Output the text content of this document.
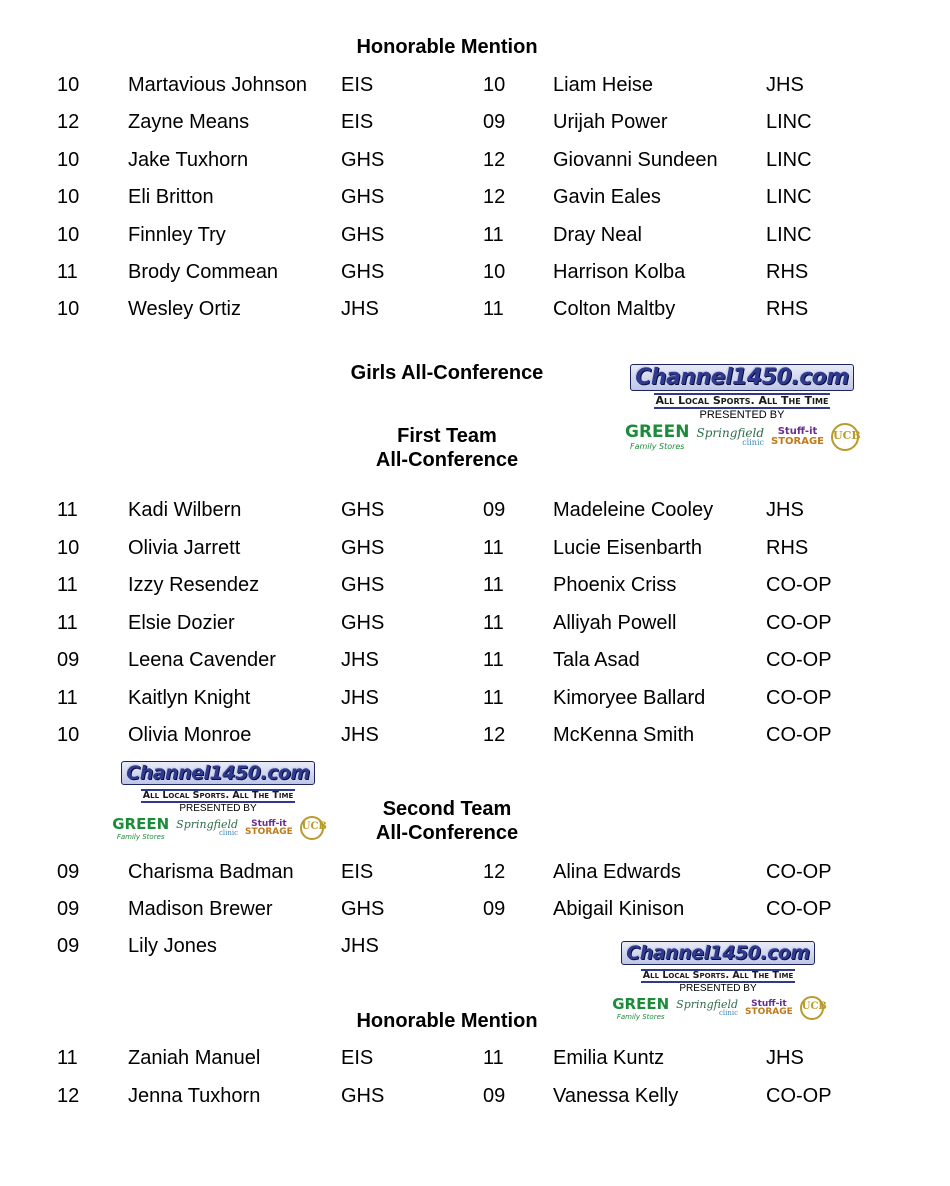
Honorable Mention
10 Martavious Johnson EIS	10 Liam Heise	JHS
12 Zayne Means	EIS	09 Urijah Power	LINC
10 Jake Tuxhorn	GHS	12 Giovanni Sundeen LINC
10 Eli Britton	GHS	12 Gavin Eales	LINC
10 Finnley Try	GHS	11 Dray Neal	LINC
11	Brody Commean	GHS	10 Harrison Kolba	RHS
10 Wesley Ortiz	JHS	11 Colton Maltby	RHS
Girls All-Conference	Channel1450.com
All Local Sports. All The Time
PRESENTED BY
GREEN
Family Stores
Springfield
clinic
Stuff-it
STORAGE UCB
First Team
All-Conference
11	Kadi Wilbern	GHS	09 Madeleine Cooley	JHS
10 Olivia Jarrett	GHS	11 Lucie Eisenbarth	RHS
11	Izzy Resendez	GHS	11 Phoenix Criss	CO-OP
11	Elsie Dozier	GHS	11 Alliyah Powell	CO-OP
09 Leena Cavender	JHS	11 Tala Asad	CO-OP
11	Kaitlyn Knight	JHS	11 Kimoryee Ballard	CO-OP
10 Olivia Monroe	JHS	12 McKenna Smith	CO-OP
Channel1450.com
All Local Sports. All The Time
PRESENTED BY
GREEN
Family Stores
Springfield
clinic
Stuff-it
STORAGE UCB
Second Team
All-Conference
09 Charisma Badman EIS	12 Alina Edwards	CO-OP
09 Madison Brewer	GHS	09 Abigail Kinison	CO-OP
09 Lily Jones	JHS	Channel1450.com
All Local Sports. All The Time
PRESENTED BY
GREEN
Family Stores
Springfield
clinic
Stuff-it
STORAGE UCB
Honorable Mention
11	Zaniah Manuel	EIS	11 Emilia Kuntz	JHS
12 Jenna Tuxhorn	GHS	09 Vanessa Kelly	CO-OP
